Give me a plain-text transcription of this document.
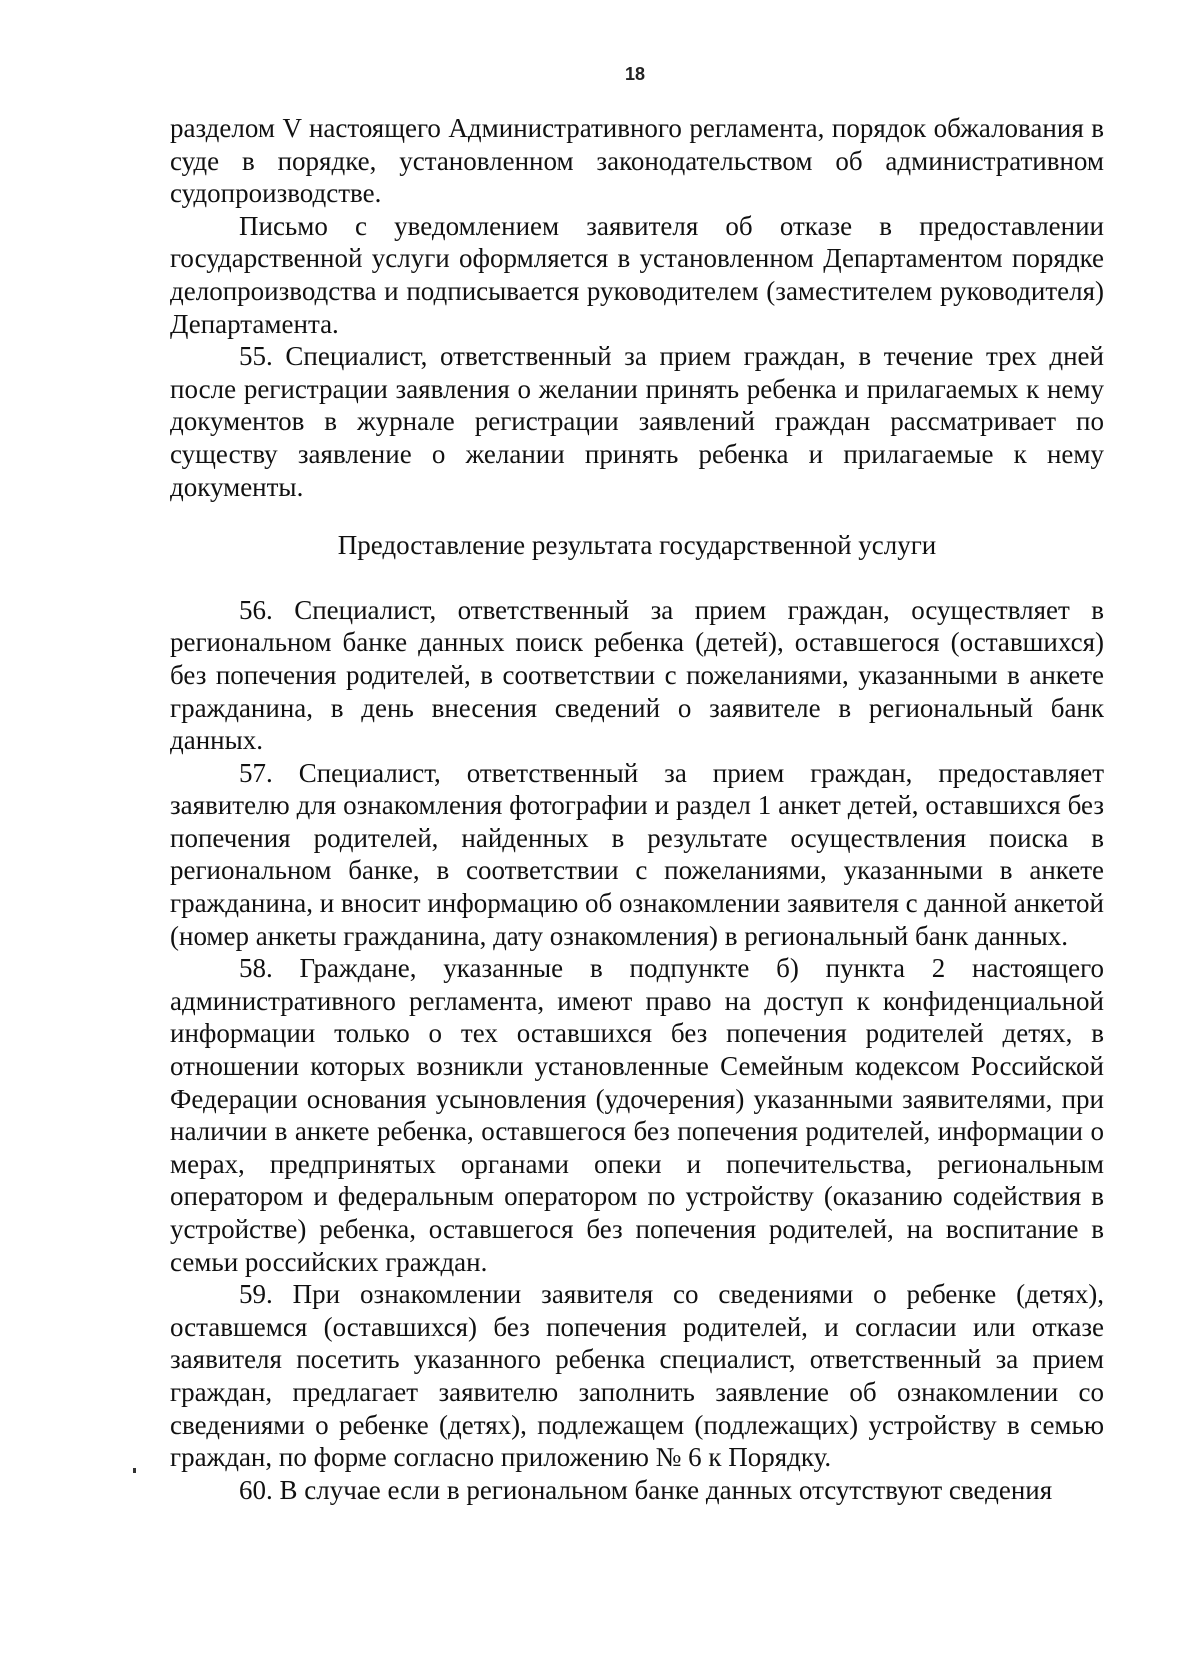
18

разделом V настоящего Административного регламента, порядок обжалования в суде в порядке, установленном законодательством об административном судопроизводстве.

Письмо с уведомлением заявителя об отказе в предоставлении государственной услуги оформляется в установленном Департаментом порядке делопроизводства и подписывается руководителем (заместителем руководителя) Департамента.

55. Специалист, ответственный за прием граждан, в течение трех дней после регистрации заявления о желании принять ребенка и прилагаемых к нему документов в журнале регистрации заявлений граждан рассматривает по существу заявление о желании принять ребенка и прилагаемые к нему документы.

Предоставление результата государственной услуги

56. Специалист, ответственный за прием граждан, осуществляет в региональном банке данных поиск ребенка (детей), оставшегося (оставшихся) без попечения родителей, в соответствии с пожеланиями, указанными в анкете гражданина, в день внесения сведений о заявителе в региональный банк данных.

57. Специалист, ответственный за прием граждан, предоставляет заявителю для ознакомления фотографии и раздел 1 анкет детей, оставшихся без попечения родителей, найденных в результате осуществления поиска в региональном банке, в соответствии с пожеланиями, указанными в анкете гражданина, и вносит информацию об ознакомлении заявителя с данной анкетой (номер анкеты гражданина, дату ознакомления) в региональный банк данных.

58. Граждане, указанные в подпункте б) пункта 2 настоящего административного регламента, имеют право на доступ к конфиденциальной информации только о тех оставшихся без попечения родителей детях, в отношении которых возникли установленные Семейным кодексом Российской Федерации основания усыновления (удочерения) указанными заявителями, при наличии в анкете ребенка, оставшегося без попечения родителей, информации о мерах, предпринятых органами опеки и попечительства, региональным оператором и федеральным оператором по устройству (оказанию содействия в устройстве) ребенка, оставшегося без попечения родителей, на воспитание в семьи российских граждан.

59. При ознакомлении заявителя со сведениями о ребенке (детях), оставшемся (оставшихся) без попечения родителей, и согласии или отказе заявителя посетить указанного ребенка специалист, ответственный за прием граждан, предлагает заявителю заполнить заявление об ознакомлении со сведениями о ребенке (детях), подлежащем (подлежащих) устройству в семью граждан, по форме согласно приложению № 6 к Порядку.

60. В случае если в региональном банке данных отсутствуют сведения
